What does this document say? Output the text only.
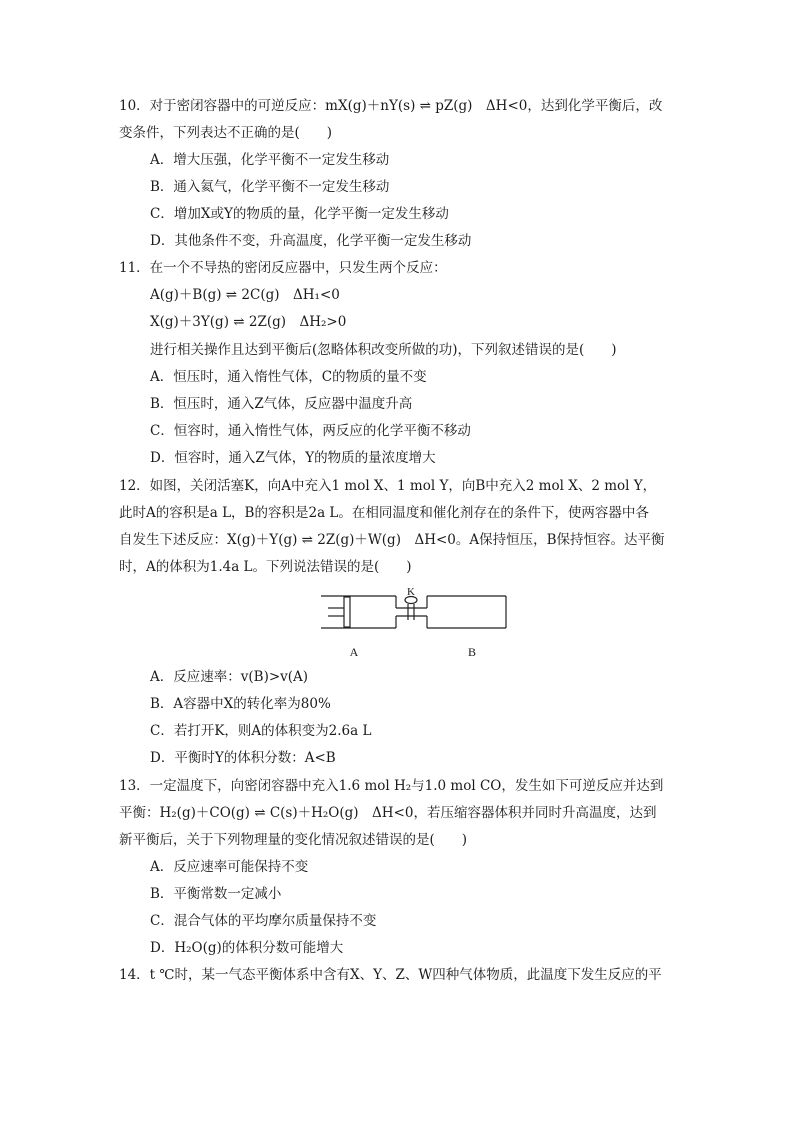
10．对于密闭容器中的可逆反应：mX(g)＋nY(s) ⇌ pZ(g)　ΔH<0，达到化学平衡后，改
变条件，下列表达不正确的是(　　)
A．增大压强，化学平衡不一定发生移动
B．通入氦气，化学平衡不一定发生移动
C．增加X或Y的物质的量，化学平衡一定发生移动
D．其他条件不变，升高温度，化学平衡一定发生移动
11．在一个不导热的密闭反应器中，只发生两个反应：
A(g)＋B(g) ⇌ 2C(g)　ΔH₁<0
X(g)＋3Y(g) ⇌ 2Z(g)　ΔH₂>0
进行相关操作且达到平衡后(忽略体积改变所做的功)，下列叙述错误的是(　　)
A．恒压时，通入惰性气体，C的物质的量不变
B．恒压时，通入Z气体，反应器中温度升高
C．恒容时，通入惰性气体，两反应的化学平衡不移动
D．恒容时，通入Z气体，Y的物质的量浓度增大
12．如图，关闭活塞K，向A中充入1 mol X、1 mol Y，向B中充入2 mol X、2 mol Y，
此时A的容积是a L，B的容积是2a L。在相同温度和催化剂存在的条件下，使两容器中各
自发生下述反应：X(g)＋Y(g) ⇌ 2Z(g)＋W(g)　ΔH<0。A保持恒压，B保持恒容。达平衡
时，A的体积为1.4a L。下列说法错误的是(　　)
K
A	B
A．反应速率：v(B)>v(A)
B．A容器中X的转化率为80%
C．若打开K，则A的体积变为2.6a L
D．平衡时Y的体积分数：A<B
13．一定温度下，向密闭容器中充入1.6 mol H₂与1.0 mol CO，发生如下可逆反应并达到
平衡：H₂(g)＋CO(g) ⇌ C(s)＋H₂O(g)　ΔH<0，若压缩容器体积并同时升高温度，达到
新平衡后，关于下列物理量的变化情况叙述错误的是(　　)
A．反应速率可能保持不变
B．平衡常数一定减小
C．混合气体的平均摩尔质量保持不变
D．H₂O(g)的体积分数可能增大
14．t ℃时，某一气态平衡体系中含有X、Y、Z、W四种气体物质，此温度下发生反应的平
